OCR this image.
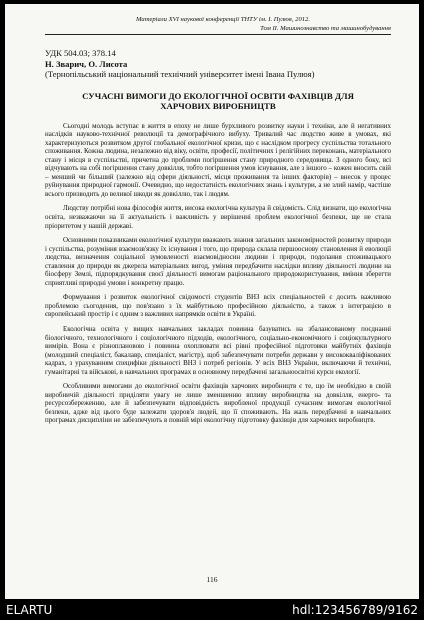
Матеріали XVI наукової конференції ТНТУ ім. І. Пулюя, 2012.
Том II. Машинознавство та машинобудування
УДК 504.03; 378.14
Н. Зварич, О. Лисота
(Тернопільський національний технічний університет імені Івана Пулюя)
СУЧАСНІ ВИМОГИ ДО ЕКОЛОГІЧНОЇ ОСВІТИ ФАХІВЦІВ ДЛЯ ХАРЧОВИХ ВИРОБНИЦТВ

Сьогодні молодь вступає в життя в епоху не лише бурхливого розвитку науки і техніки, але й негативних наслідків науково-технічної революції та демографічного вибуху. Тривалий час людство живе в умовах, які характеризуються розвитком другої глобальної екологічної кризи, що є наслідком прогресу суспільства тотального споживання. Кожна людина, незалежно від віку, освіти, професії, політичних і релігійних переконань, матеріального стану і місця в суспільстві, причетна до проблеми погіршення стану природного середовища. З одного боку, всі відчувають на собі погіршення стану довкілля, тобто погіршення умов існування, але з іншого – кожен вносить свій – менший чи більший (залежно від сфери діяльності, місця проживання та інших факторів) – внесок у процес руйнування природної гармонії. Очевидно, що недостатність екологічних знань і культури, а не злий намір, частіше всього призводить до великої шкоди як довкіллю, так і людям.

Людству потрібні нова філософія життя, висока екологічна культура й свідомість. Слід визнати, що екологічна освіта, незважаючи на її актуальність і важливість у вирішенні проблем екологічної безпеки, ще не стала пріоритетом у нашій державі.

Основними показниками екологічної культури вважають знання загальних закономірностей розвитку природи і суспільства, розуміння взаємозв'язку їх існування і того, що природа склала першооснову становлення й еволюції людства, визначення соціальної зумовленості взаємовідносин людини і природи, подолання споживацького ставлення до природи як джерела матеріальних вигод, уміння передбачити наслідки впливу діяльності людини на біосферу Землі, підпорядкування своєї діяльності вимогам раціонального природокористування, вміння зберегти сприятливі природні умови і конкретну працю.

Формування і розвиток екологічної свідомості студентів ВНЗ всіх спеціальностей є досить важливою проблемою сьогодення, що пов'язано з їх майбутньою професійною діяльністю, а також з інтеграцією в європейський простір і є одним з важливих напрямків освіти в Україні.

Екологічна освіта у вищих навчальних закладах повинна базуватись на збалансованому поєднанні біологічного, технологічного і соціологічного підходів, екологічного, соціально-економічного і соціокультурного вимірів. Вона є різноплановою і повинна охоплювати всі рівні професійної підготовки майбутніх фахівців (молодший спеціаліст, бакалавр, спеціаліст, магістр), щоб забезпечувати потреби держави у висококваліфікованих кадрах, з урахуванням специфіки діяльності ВНЗ і потреб регіонів. У всіх ВНЗ України, включаючи й технічні, гуманітарні та військові, в навчальних програмах в основному передбачені загальноосвітні курси екології.

Особливими вимогами до екологічної освіти фахівців харчових виробництв є те, що їм необхідно в своїй виробничій діяльності приділяти увагу не лише зменшенню впливу виробництва на довкілля, енерго- та ресурсозбереженню, але й забезпечувати відповідність виробленої продукції сучасним вимогам екологічної безпеки, адже від цього буде залежати здоров'я людей, що її споживають. На жаль передбачені в навчальних програмах дисципліни не забезпечують в повній мірі екологічну підготовку фахівців для харчових виробництв.

116
ELARTU	hdl:123456789/9162
